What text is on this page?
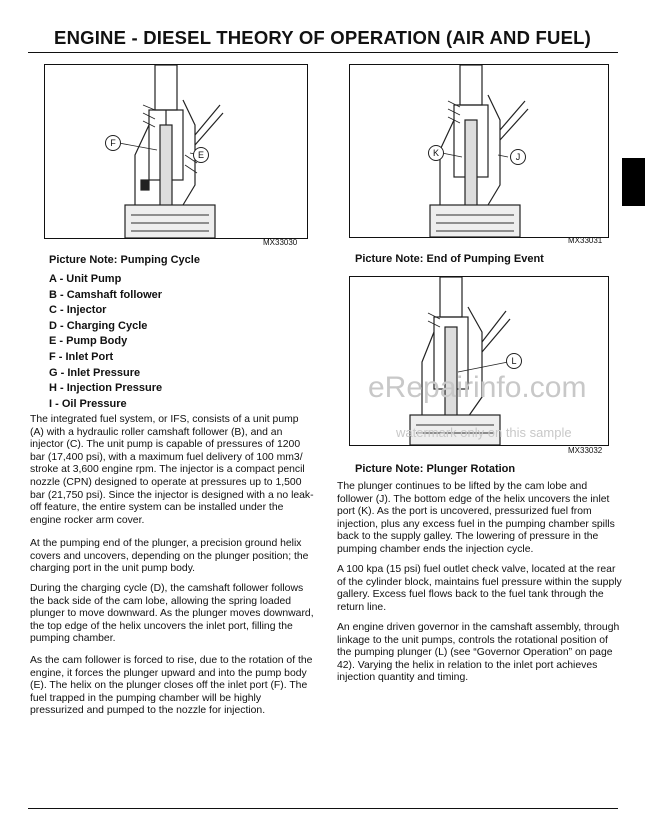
ENGINE - DIESEL THEORY OF OPERATION (AIR AND FUEL)
F
E
MX33030
Picture Note: Pumping Cycle
K	J
MX33031
Picture Note: End of Pumping Event
L
MX33032
Picture Note: Plunger Rotation
eRepairinfo.com
watermark only on this sample
A - Unit Pump
B - Camshaft follower
C - Injector
D - Charging Cycle
E - Pump Body
F - Inlet Port
G - Inlet Pressure
H - Injection Pressure
I - Oil Pressure

The integrated fuel system, or IFS, consists of a unit pump (A) with a hydraulic roller camshaft follower (B), and an injector (C). The unit pump is capable of pressures of 1200 bar (17,400 psi), with a maximum fuel delivery of 100 mm3/ stroke at 3,600 engine rpm. The injector is a compact pencil nozzle (CPN) designed to operate at pressures up to 1,500 bar (21,750 psi). Since the injector is designed with a no leak-off feature, the entire system can be installed under the engine rocker arm cover.

At the pumping end of the plunger, a precision ground helix covers and uncovers, depending on the plunger position; the charging port in the unit pump body.

During the charging cycle (D), the camshaft follower follows the back side of the cam lobe, allowing the spring loaded plunger to move downward. As the plunger moves downward, the top edge of the helix uncovers the inlet port, filling the pumping chamber.

As the cam follower is forced to rise, due to the rotation of the engine, it forces the plunger upward and into the pump body (E). The helix on the plunger closes off the inlet port (F). The fuel trapped in the pumping chamber will be highly pressurized and pumped to the nozzle for injection.

The plunger continues to be lifted by the cam lobe and follower (J). The bottom edge of the helix uncovers the inlet port (K). As the port is uncovered, pressurized fuel from injection, plus any excess fuel in the pumping chamber spills back to the supply galley. The lowering of pressure in the pumping chamber ends the injection cycle.

A 100 kpa (15 psi) fuel outlet check valve, located at the rear of the cylinder block, maintains fuel pressure within the supply gallery. Excess fuel flows back to the fuel tank through the return line.

An engine driven governor in the camshaft assembly, through linkage to the unit pumps, controls the rotational position of the pumping plunger (L) (see “Governor Operation” on page 42). Varying the helix in relation to the inlet port achieves injection quantity and timing.
